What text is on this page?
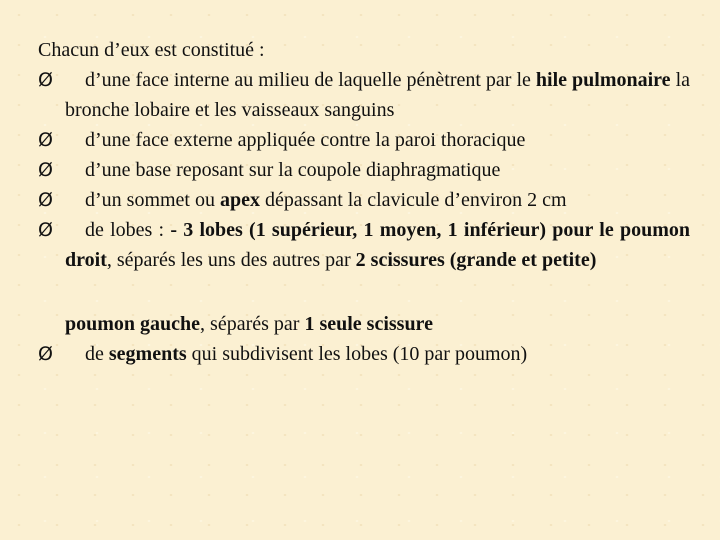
Chacun d’eux est constitué :

Ø	d’une face interne au milieu de laquelle pénètrent par le hile pulmonaire la bronche lobaire et les vaisseaux sanguins
Ø	d’une face externe appliquée contre la paroi thoracique
Ø	d’une base reposant sur la coupole diaphragmatique
Ø	d’un sommet ou apex dépassant la clavicule d’environ 2 cm
Ø	de lobes : - 3 lobes (1 supérieur, 1 moyen, 1 inférieur) pour le poumon droit, séparés les uns des autres par 2 scissures (grande et petite)

poumon gauche, séparés par 1 seule scissure

Ø	de segments qui subdivisent les lobes (10 par poumon)
